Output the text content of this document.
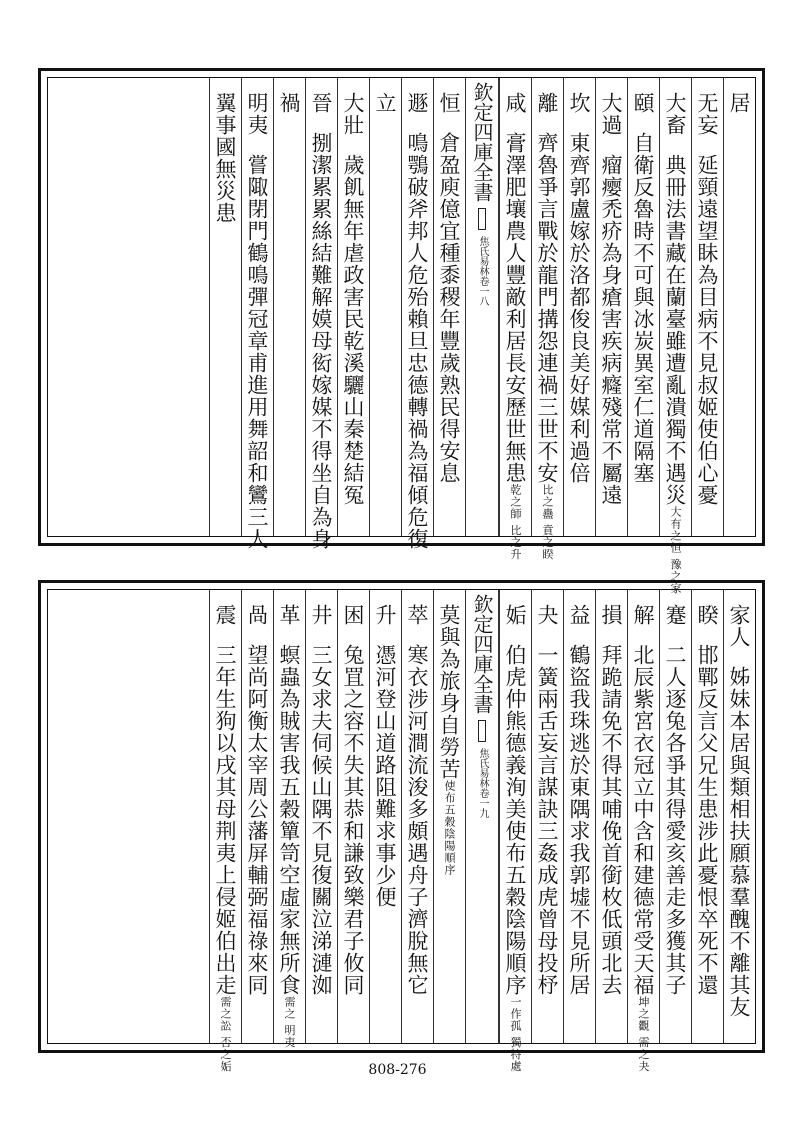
居
无妄延頸遠望眛為目病不見叔姬使伯心憂
大畜典冊法書藏在蘭臺雖遭亂潰獨不遇災大有之恒 豫之家
頤自衛反魯時不可與冰炭異室仁道隔塞
大過瘤瘿禿疥為身瘡害疾病癃殘常不屬遠
坎東齊郭盧嫁於洛都俊良美好媒利過倍
離齊魯爭言戰於龍門搆怨連禍三世不安比之蠱 賁之睽
咸膏澤肥壤農人豐敵利居長安歷世無患乾之師 比之升
欽定四庫全書焦氏易林卷一八
恒倉盈庾億宜種黍稷年豐歲熟民得安息
遯鳴鶚破斧邦人危殆賴旦忠德轉禍為福傾危復
立
大壯歲飢無年虐政害民乾溪驪山秦楚結冤
晉捌潔累累絲結難解嫫母衒嫁媒不得坐自為身
禍
明夷嘗陬閉門鶴鳴彈冠章甫進用舞韶和鸞三人
翼事國無災患
家人姊妹本居與類相扶願慕羣醜不離其友
睽邯鄲反言父兄生患涉此憂恨卒死不還
蹇二人逐兔各爭其得愛亥善走多獲其子
解北辰紫宮衣冠立中含和建德常受天福坤之觀 需之夬
損拜跪請免不得其哺俛首銜枚低頭北去
益鶴盜我珠逃於東隅求我郭墟不見所居
夬一簧兩舌妄言謀訣三姦成虎曾母投杼
姤伯虎仲熊德義洵美使布五穀陰陽順序一作孤 獨特處
欽定四庫全書焦氏易林卷一九
莫與為旅身自勞苦使布五穀陰陽順序
萃寒衣涉河澗流浚多頗遇舟子濟脫無它
升憑河登山道路阻難求事少便
困兔罝之容不失其恭和謙致樂君子攸同
井三女求夫伺候山隅不見復關泣涕漣洳
革螟蟲為賊害我五穀簞笥空虛家無所食需之 明夷
咼望尚阿衡太宰周公藩屏輔弼福祿來同
震三年生狗以戌其母荆夷上侵姬伯出走需之訟 否之姤	808-276
